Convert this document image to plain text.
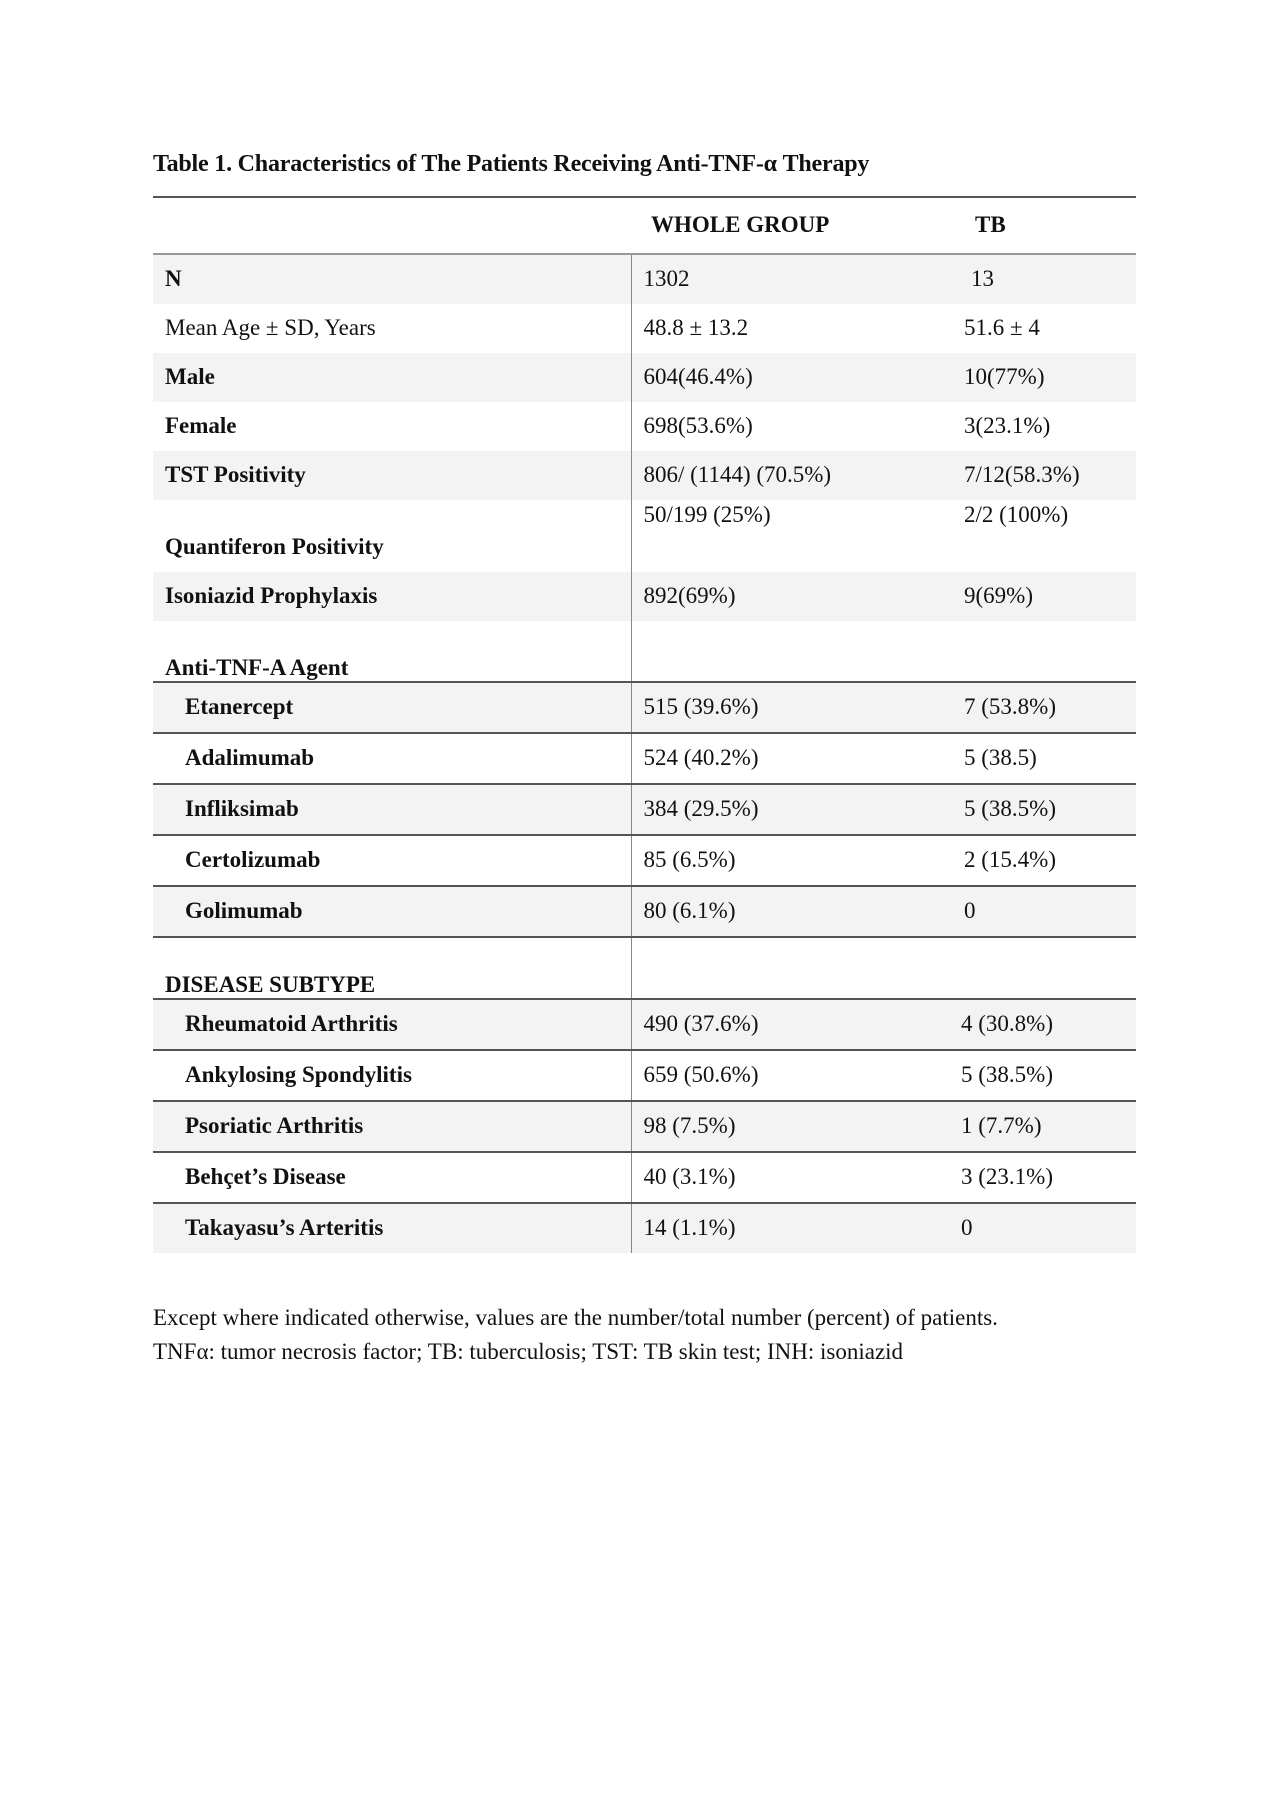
Table 1. Characteristics of The Patients Receiving Anti-TNF-α Therapy
	WHOLE GROUP	TB
N	1302	13
Mean Age ± SD, Years	48.8 ± 13.2	51.6 ± 4
Male	604(46.4%)	10(77%)
Female	698(53.6%)	3(23.1%)
TST Positivity	806/ (1144) (70.5%)	7/12(58.3%)
Quantiferon Positivity	50/199 (25%)	2/2 (100%)
Isoniazid Prophylaxis	892(69%)	9(69%)
Anti-TNF-A Agent		
Etanercept	515 (39.6%)	7 (53.8%)
Adalimumab	524 (40.2%)	5 (38.5)
Infliksimab	384 (29.5%)	5 (38.5%)
Certolizumab	85 (6.5%)	2 (15.4%)
Golimumab	80 (6.1%)	0
DISEASE SUBTYPE		
Rheumatoid Arthritis	490 (37.6%)	4 (30.8%)
Ankylosing Spondylitis	659 (50.6%)	5 (38.5%)
Psoriatic Arthritis	98 (7.5%)	1 (7.7%)
Behçet’s Disease	40 (3.1%)	3 (23.1%)
Takayasu’s Arteritis	14 (1.1%)	0

Except where indicated otherwise, values are the number/total number (percent) of patients.

TNFα: tumor necrosis factor; TB: tuberculosis; TST: TB skin test; INH: isoniazid
